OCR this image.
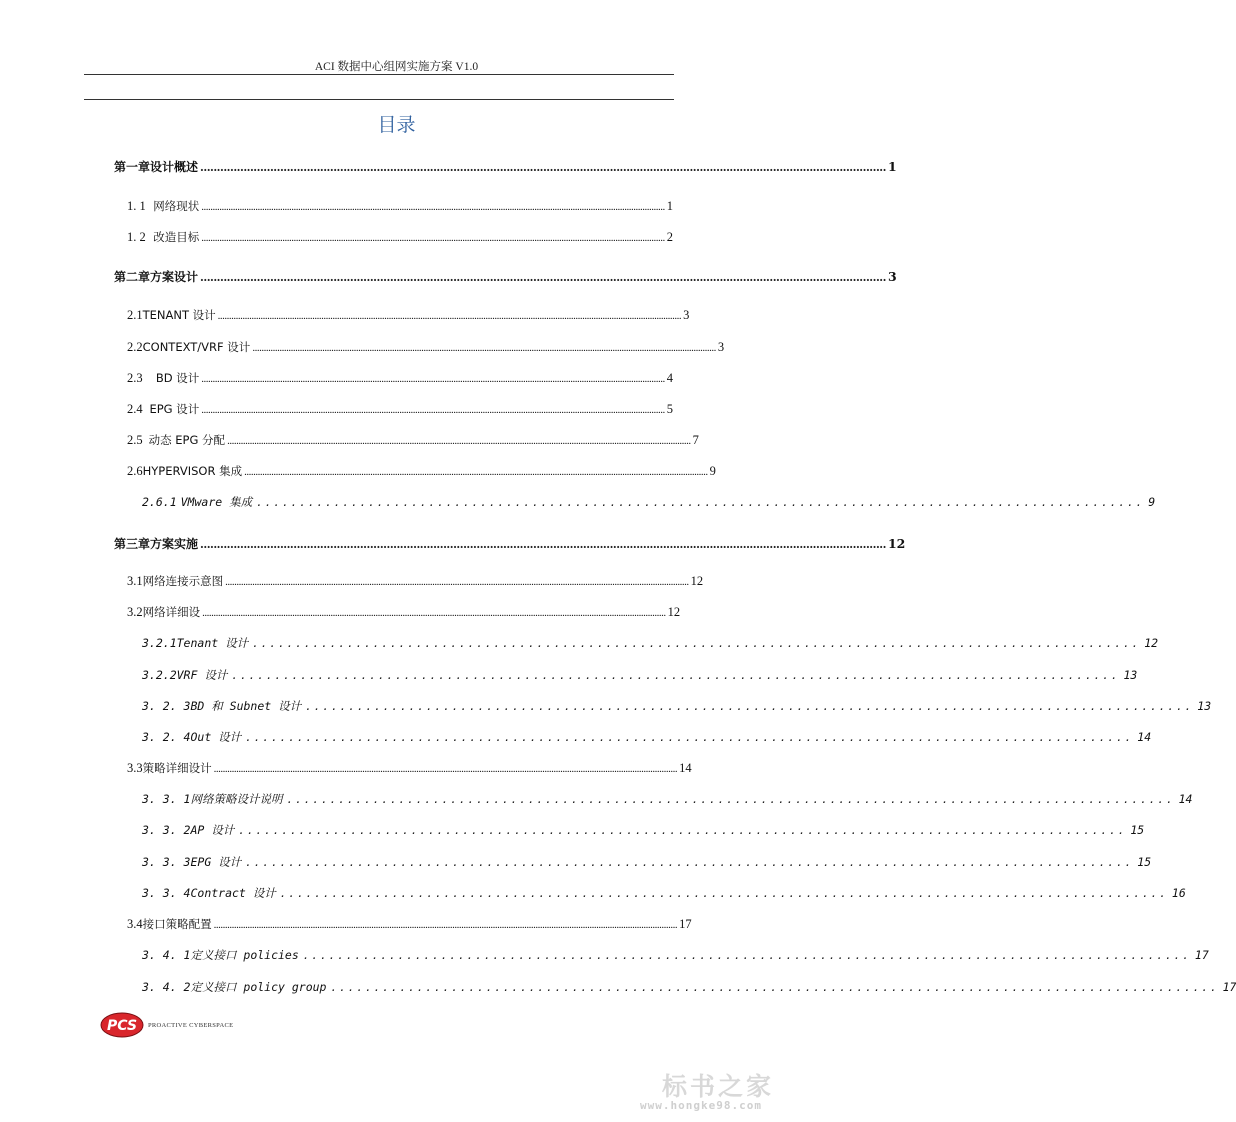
ACI 数据中心组网实施方案 V1.0
目录
第一章 设计概述 .............................................................................................................................................................................................................. 1
1. 1 网络现状 .............................................................................................................................................................................................................. 1
1. 2 改造目标 .............................................................................................................................................................................................................. 2
第二章 方案设计 .............................................................................................................................................................................................................. 3
2.1 TENANT 设计 .............................................................................................................................................................................................................. 3
2.2 CONTEXT/VRF 设计 .............................................................................................................................................................................................................. 3
2.3	BD 设计 .............................................................................................................................................................................................................. 4
2.4 EPG 设计 .............................................................................................................................................................................................................. 5
2.5 动态 EPG 分配 .............................................................................................................................................................................................................. 7
2.6 HYPERVISOR 集成 .............................................................................................................................................................................................................. 9
2.6.1 VMware 集成 ....................................................................................................... 9
第三章 方案实施 .............................................................................................................................................................................................................. 12
3.1 网络连接示意图 .............................................................................................................................................................................................................. 12
3.2 网络详细设 .............................................................................................................................................................................................................. 12
3.2.1 Tenant 设计 ....................................................................................................... 12
3.2.2 VRF 设计 ....................................................................................................... 13
3. 2. 3 BD 和 Subnet 设计 ....................................................................................................... 13
3. 2. 4 Out 设计 ....................................................................................................... 14
3.3 策略详细设计 .............................................................................................................................................................................................................. 14
3. 3. 1 网络策略设计说明 ....................................................................................................... 14
3. 3. 2 AP 设计 ....................................................................................................... 15
3. 3. 3 EPG 设计 ....................................................................................................... 15
3. 3. 4 Contract 设计 ....................................................................................................... 16
3.4 接口策略配置 .............................................................................................................................................................................................................. 17
3. 4. 1 定义接口 policies ....................................................................................................... 17
3. 4. 2 定义接口 policy group ....................................................................................................... 17
PCS PROACTIVE CYBERSPACE
标书之家
www.hongke98.com
